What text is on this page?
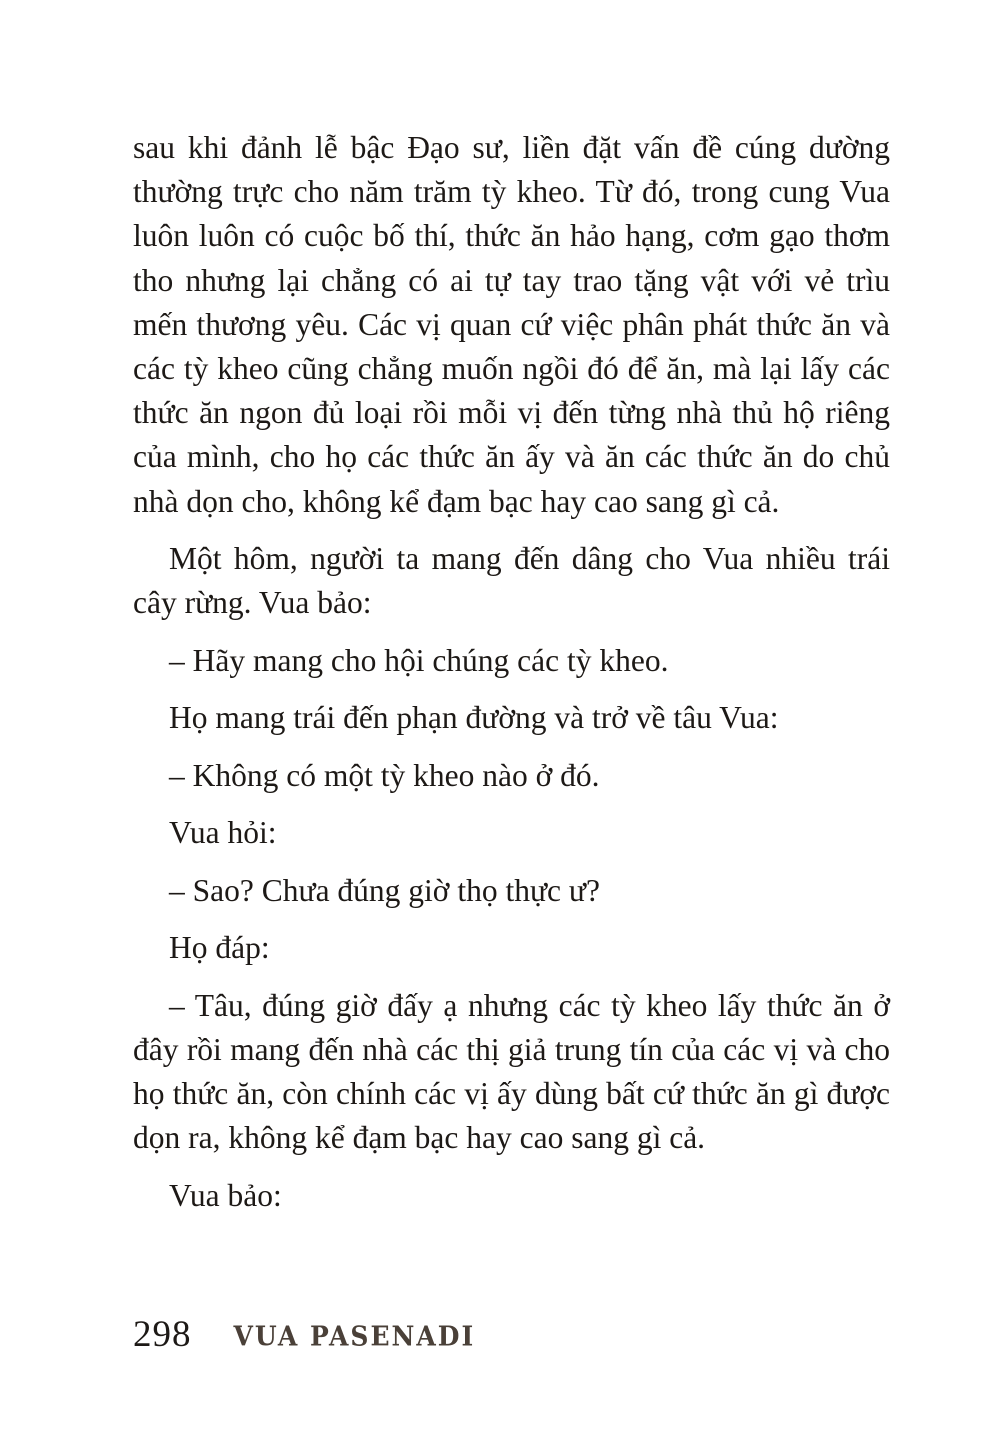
sau khi đảnh lễ bậc Đạo sư, liền đặt vấn đề cúng dường thường trực cho năm trăm tỳ kheo. Từ đó, trong cung Vua luôn luôn có cuộc bố thí, thức ăn hảo hạng, cơm gạo thơm tho nhưng lại chẳng có ai tự tay trao tặng vật với vẻ trìu mến thương yêu. Các vị quan cứ việc phân phát thức ăn và các tỳ kheo cũng chẳng muốn ngồi đó để ăn, mà lại lấy các thức ăn ngon đủ loại rồi mỗi vị đến từng nhà thủ hộ riêng của mình, cho họ các thức ăn ấy và ăn các thức ăn do chủ nhà dọn cho, không kể đạm bạc hay cao sang gì cả.

Một hôm, người ta mang đến dâng cho Vua nhiều trái cây rừng. Vua bảo:

– Hãy mang cho hội chúng các tỳ kheo.

Họ mang trái đến phạn đường và trở về tâu Vua:

– Không có một tỳ kheo nào ở đó.

Vua hỏi:

– Sao? Chưa đúng giờ thọ thực ư?

Họ đáp:

– Tâu, đúng giờ đấy ạ nhưng các tỳ kheo lấy thức ăn ở đây rồi mang đến nhà các thị giả trung tín của các vị và cho họ thức ăn, còn chính các vị ấy dùng bất cứ thức ăn gì được dọn ra, không kể đạm bạc hay cao sang gì cả.

Vua bảo:

298 VUA PASENADI
